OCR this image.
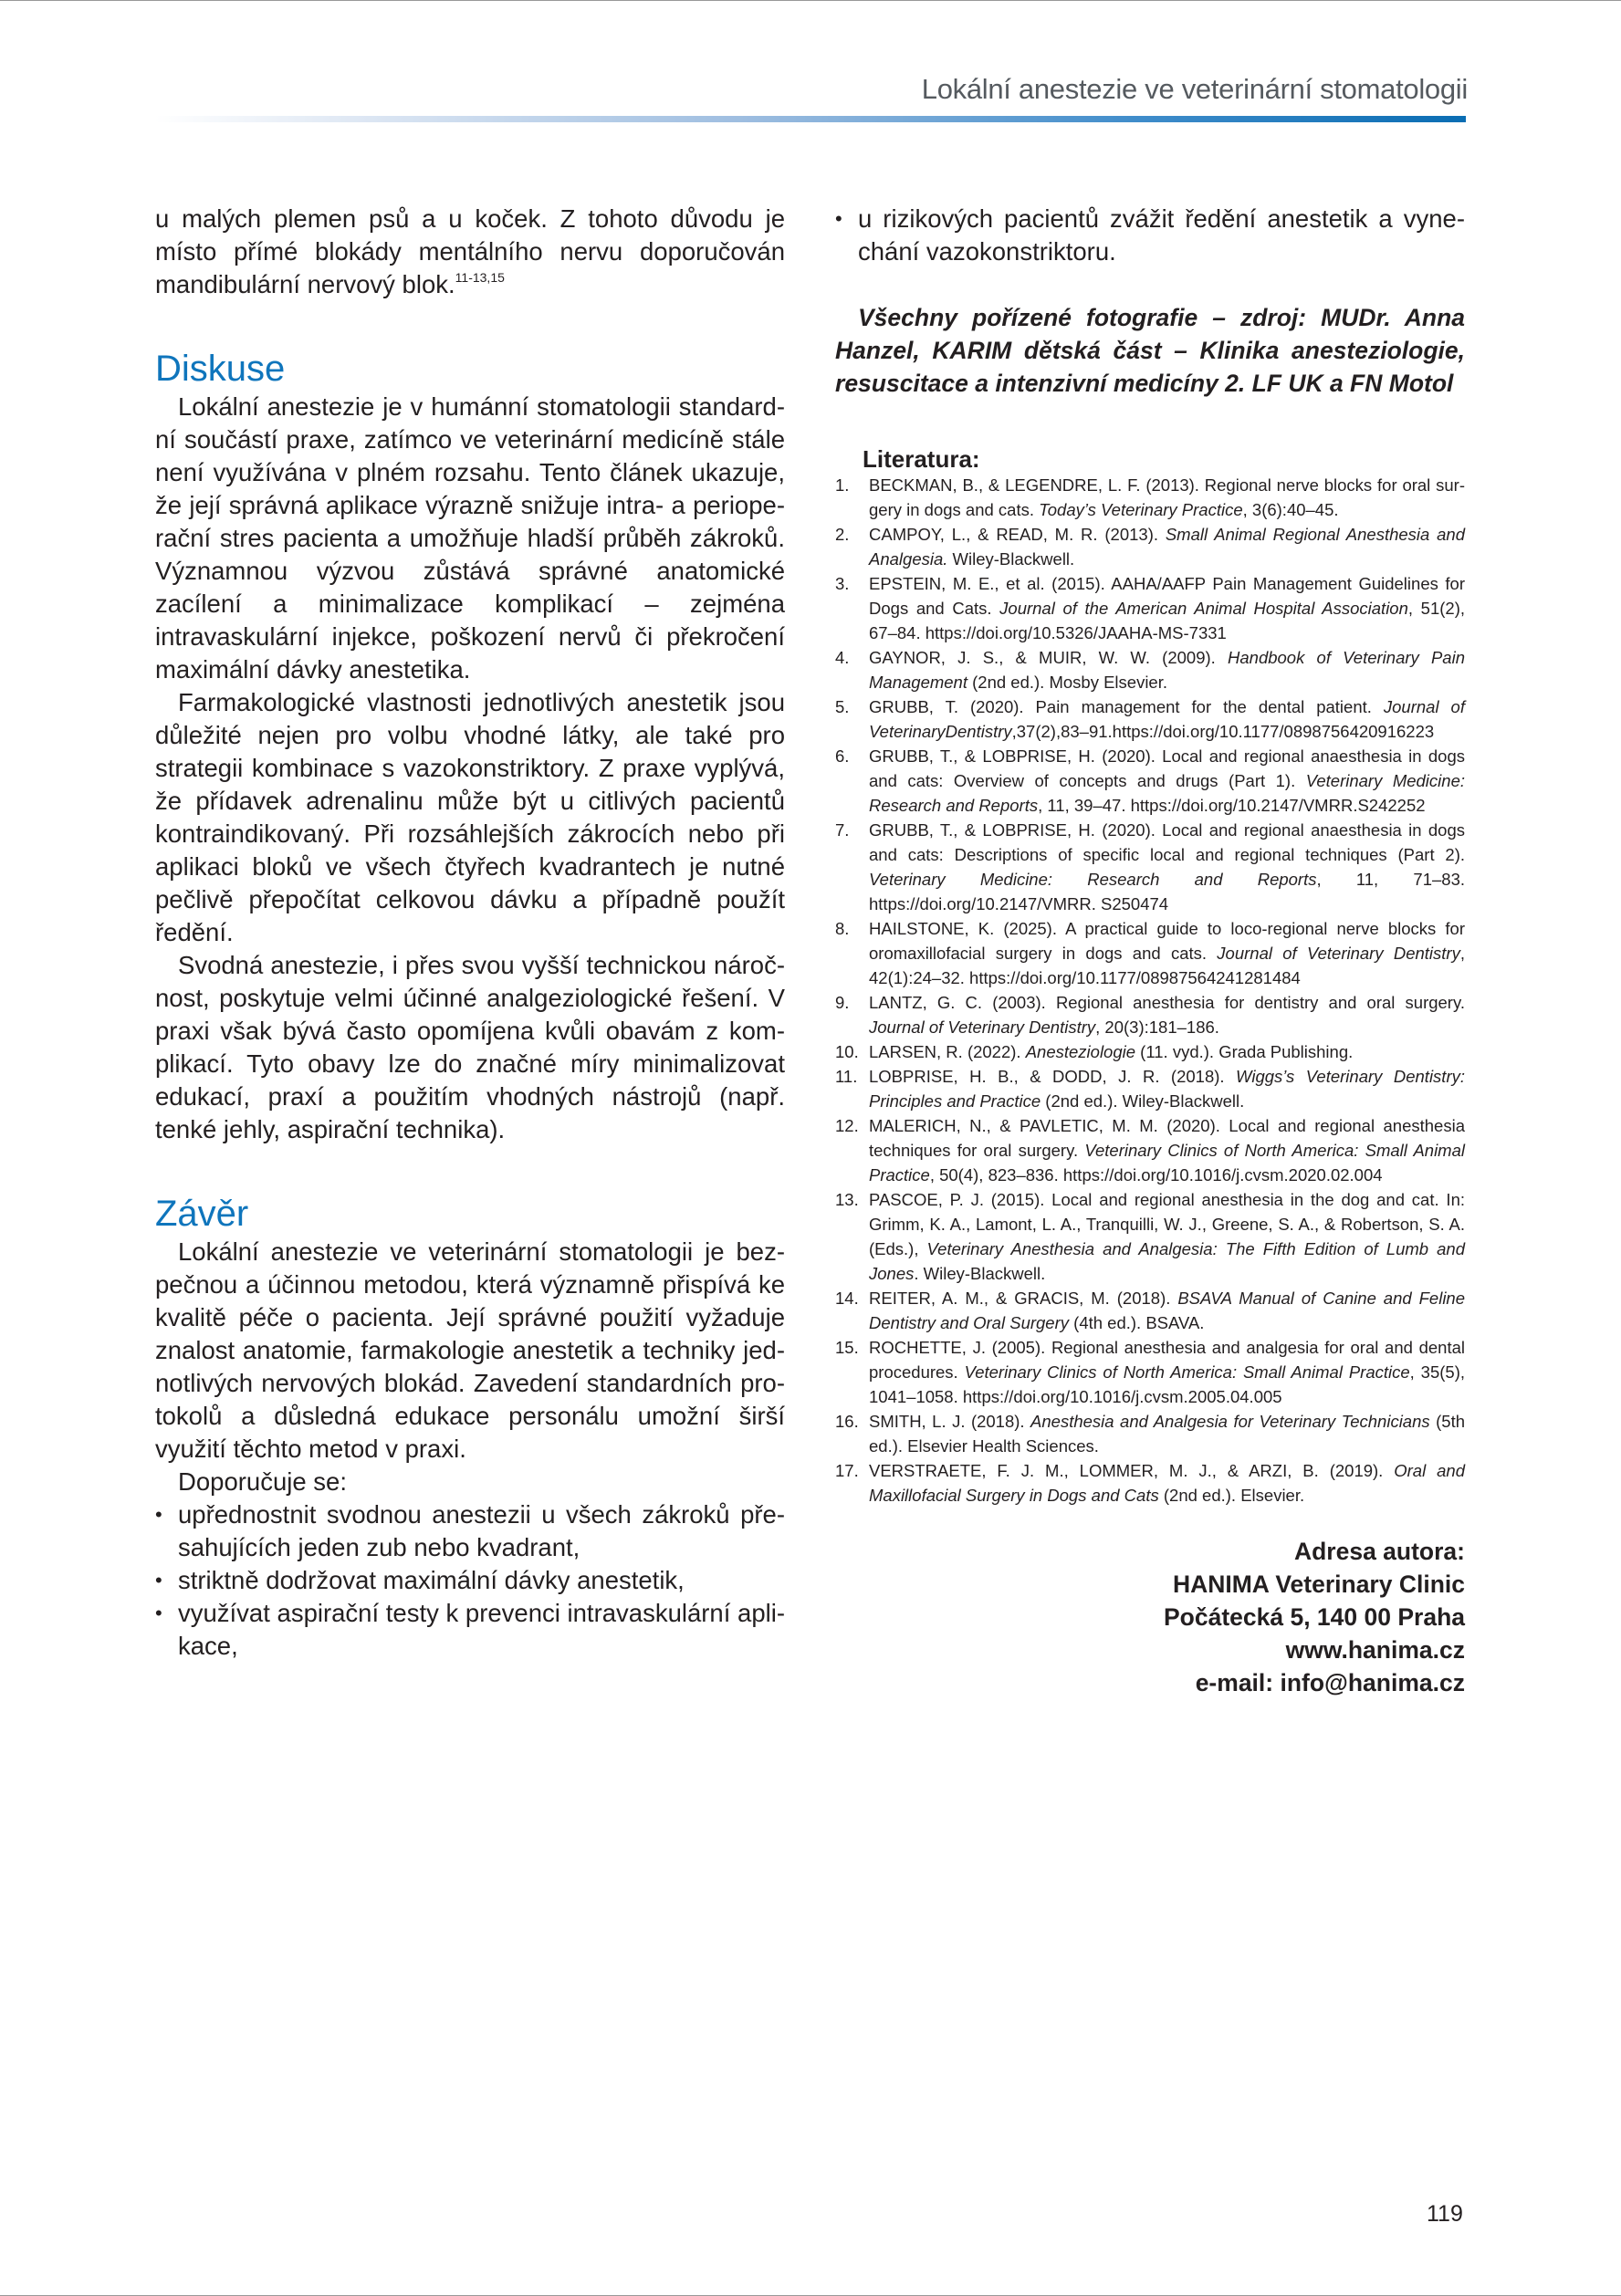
Lokální anestezie ve veterinární stomatologii

u malých plemen psů a u koček. Z tohoto důvodu je místo přímé blokády mentálního nervu doporučován mandibulární nervový blok.$^{11-13,15}$

Diskuse

Lokální anestezie je v humánní stomatologii standardní součástí praxe, zatímco ve veterinární medicíně stále není využívána v plném rozsahu. Tento článek ukazuje, že její správná aplikace výrazně snižuje intra- a perioperační stres pacienta a umožňuje hladší průběh zákroků. Významnou výzvou zůstává správné anatomické zacílení a minimalizace komplikací – zejména intravaskulární injekce, poškození nervů či překročení maximální dávky anestetika.

Farmakologické vlastnosti jednotlivých anestetik jsou důležité nejen pro volbu vhodné látky, ale také pro strategii kombinace s vazokonstriktory. Z praxe vyplývá, že přídavek adrenalinu může být u citlivých pacientů kontraindikovaný. Při rozsáhlejších zákrocích nebo při aplikaci bloků ve všech čtyřech kvadrantech je nutné pečlivě přepočítat celkovou dávku a případně použít ředění.

Svodná anestezie, i přes svou vyšší technickou náročnost, poskytuje velmi účinné analgeziologické řešení. V praxi však bývá často opomíjena kvůli obavám z komplikací. Tyto obavy lze do značné míry minimalizovat edukací, praxí a použitím vhodných nástrojů (např. tenké jehly, aspirační technika).

Závěr

Lokální anestezie ve veterinární stomatologii je bezpečnou a účinnou metodou, která významně přispívá ke kvalitě péče o pacienta. Její správné použití vyžaduje znalost anatomie, farmakologie anestetik a techniky jednotlivých nervových blokád. Zavedení standardních protokolů a důsledná edukace personálu umožní širší využití těchto metod v praxi.

Doporučuje se:

• upřednostnit svodnou anestezii u všech zákroků přesahujících jeden zub nebo kvadrant,
• striktně dodržovat maximální dávky anestetik,
• využívat aspirační testy k prevenci intravaskulární aplikace,
• u rizikových pacientů zvážit ředění anestetik a vynechání vazokonstriktoru.

Všechny pořízené fotografie – zdroj: MUDr. Anna Hanzel, KARIM dětská část – Klinika anesteziologie, resuscitace a intenzivní medicíny 2. LF UK a FN Motol

Literatura:

1. BECKMAN, B., & LEGENDRE, L. F. (2013). Regional nerve blocks for oral surgery in dogs and cats. Today’s Veterinary Practice, 3(6):40–45.
2. CAMPOY, L., & READ, M. R. (2013). Small Animal Regional Anesthesia and Analgesia. Wiley-Blackwell.
3. EPSTEIN, M. E., et al. (2015). AAHA/AAFP Pain Management Guidelines for Dogs and Cats. Journal of the American Animal Hospital Association, 51(2), 67–84. https://doi.org/10.5326/JAAHA-MS-7331
4. GAYNOR, J. S., & MUIR, W. W. (2009). Handbook of Veterinary Pain Management (2nd ed.). Mosby Elsevier.
5. GRUBB, T. (2020). Pain management for the dental patient. Journal of VeterinaryDentistry,37(2),83–91.https://doi.org/10.1177/0898756420916223
6. GRUBB, T., & LOBPRISE, H. (2020). Local and regional anaesthesia in dogs and cats: Overview of concepts and drugs (Part 1). Veterinary Medicine: Research and Reports, 11, 39–47. https://doi.org/10.2147/VMRR.S242252
7. GRUBB, T., & LOBPRISE, H. (2020). Local and regional anaesthesia in dogs and cats: Descriptions of specific local and regional techniques (Part 2). Veterinary Medicine: Research and Reports, 11, 71–83. https://doi.org/10.2147/VMRR. S250474
8. HAILSTONE, K. (2025). A practical guide to loco-regional nerve blocks for oromaxillofacial surgery in dogs and cats. Journal of Veterinary Dentistry, 42(1):24–32. https://doi.org/10.1177/08987564241281484
9. LANTZ, G. C. (2003). Regional anesthesia for dentistry and oral surgery. Journal of Veterinary Dentistry, 20(3):181–186.
10. LARSEN, R. (2022). Anesteziologie (11. vyd.). Grada Publishing.
11. LOBPRISE, H. B., & DODD, J. R. (2018). Wiggs’s Veterinary Dentistry: Principles and Practice (2nd ed.). Wiley-Blackwell.
12. MALERICH, N., & PAVLETIC, M. M. (2020). Local and regional anesthesia techniques for oral surgery. Veterinary Clinics of North America: Small Animal Practice, 50(4), 823–836. https://doi.org/10.1016/j.cvsm.2020.02.004
13. PASCOE, P. J. (2015). Local and regional anesthesia in the dog and cat. In: Grimm, K. A., Lamont, L. A., Tranquilli, W. J., Greene, S. A., & Robertson, S. A. (Eds.), Veterinary Anesthesia and Analgesia: The Fifth Edition of Lumb and Jones. Wiley-Blackwell.
14. REITER, A. M., & GRACIS, M. (2018). BSAVA Manual of Canine and Feline Dentistry and Oral Surgery (4th ed.). BSAVA.
15. ROCHETTE, J. (2005). Regional anesthesia and analgesia for oral and dental procedures. Veterinary Clinics of North America: Small Animal Practice, 35(5), 1041–1058. https://doi.org/10.1016/j.cvsm.2005.04.005
16. SMITH, L. J. (2018). Anesthesia and Analgesia for Veterinary Technicians (5th ed.). Elsevier Health Sciences.
17. VERSTRAETE, F. J. M., LOMMER, M. J., & ARZI, B. (2019). Oral and Maxillofacial Surgery in Dogs and Cats (2nd ed.). Elsevier.
Adresa autora:
HANIMA Veterinary Clinic
Počátecká 5, 140 00 Praha
www.hanima.cz
e-mail: info@hanima.cz
119
